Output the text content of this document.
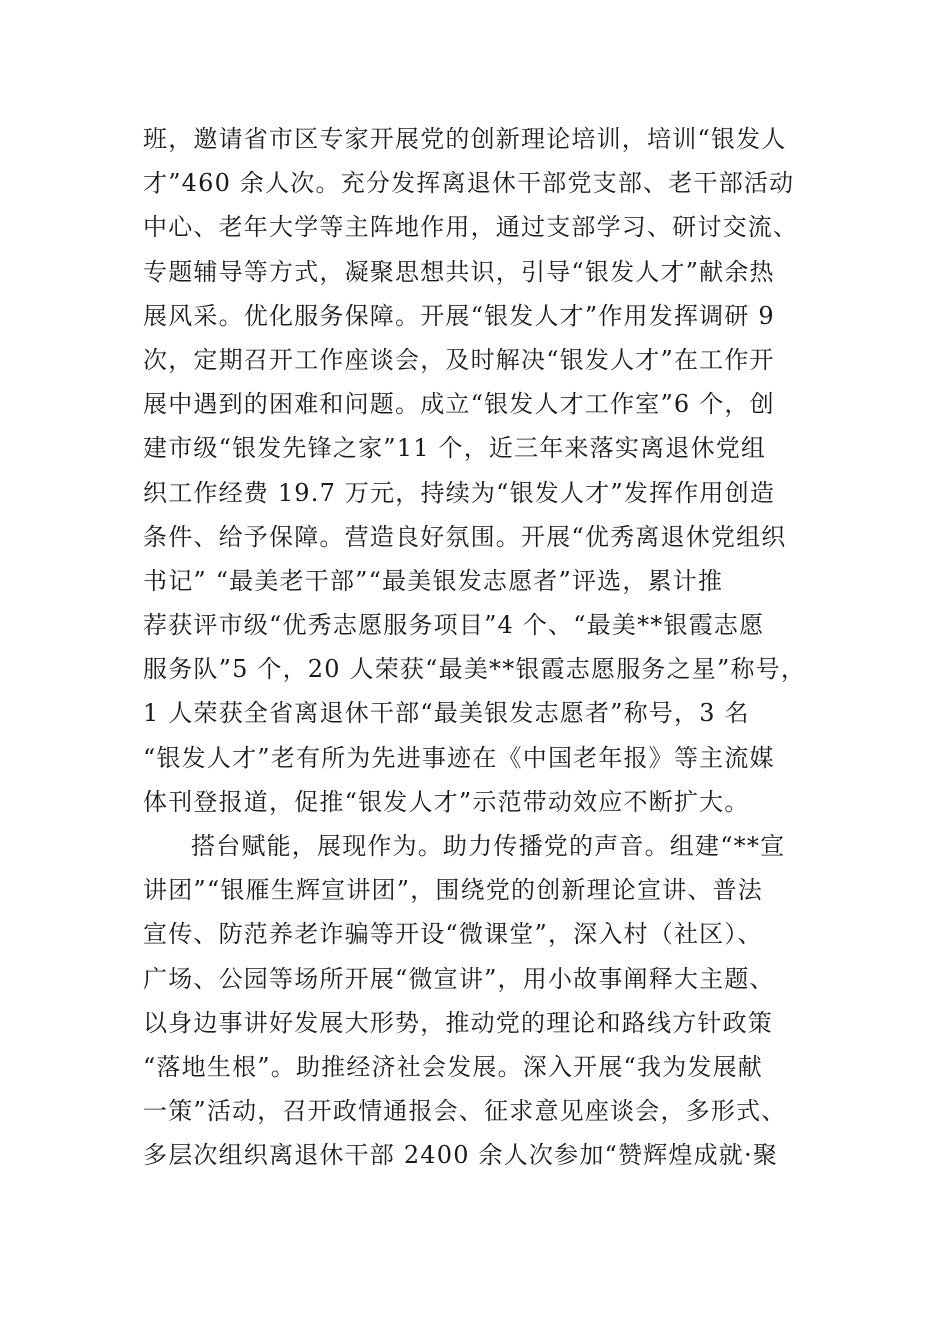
班，邀请省市区专家开展党的创新理论培训，培训“银发人
才”460 余人次。充分发挥离退休干部党支部、老干部活动
中心、老年大学等主阵地作用，通过支部学习、研讨交流、
专题辅导等方式，凝聚思想共识，引导“银发人才”献余热
展风采。优化服务保障。开展“银发人才”作用发挥调研 9
次，定期召开工作座谈会，及时解决“银发人才”在工作开
展中遇到的困难和问题。成立“银发人才工作室”6 个，创
建市级“银发先锋之家”11 个，近三年来落实离退休党组
织工作经费 19.7 万元，持续为“银发人才”发挥作用创造
条件、给予保障。营造良好氛围。开展“优秀离退休党组织
书记” “最美老干部”“最美银发志愿者”评选，累计推
荐获评市级“优秀志愿服务项目”4 个、“最美**银霞志愿
服务队”5 个，20 人荣获“最美**银霞志愿服务之星”称号，
1 人荣获全省离退休干部“最美银发志愿者”称号，3 名
“银发人才”老有所为先进事迹在《中国老年报》等主流媒
体刊登报道，促推“银发人才”示范带动效应不断扩大。
搭台赋能，展现作为。助力传播党的声音。组建“**宣
讲团”“银雁生辉宣讲团”，围绕党的创新理论宣讲、普法
宣传、防范养老诈骗等开设“微课堂”，深入村（社区）、
广场、公园等场所开展“微宣讲”，用小故事阐释大主题、
以身边事讲好发展大形势，推动党的理论和路线方针政策
“落地生根”。助推经济社会发展。深入开展“我为发展献
一策”活动，召开政情通报会、征求意见座谈会，多形式、
多层次组织离退休干部 2400 余人次参加“赞辉煌成就·聚
